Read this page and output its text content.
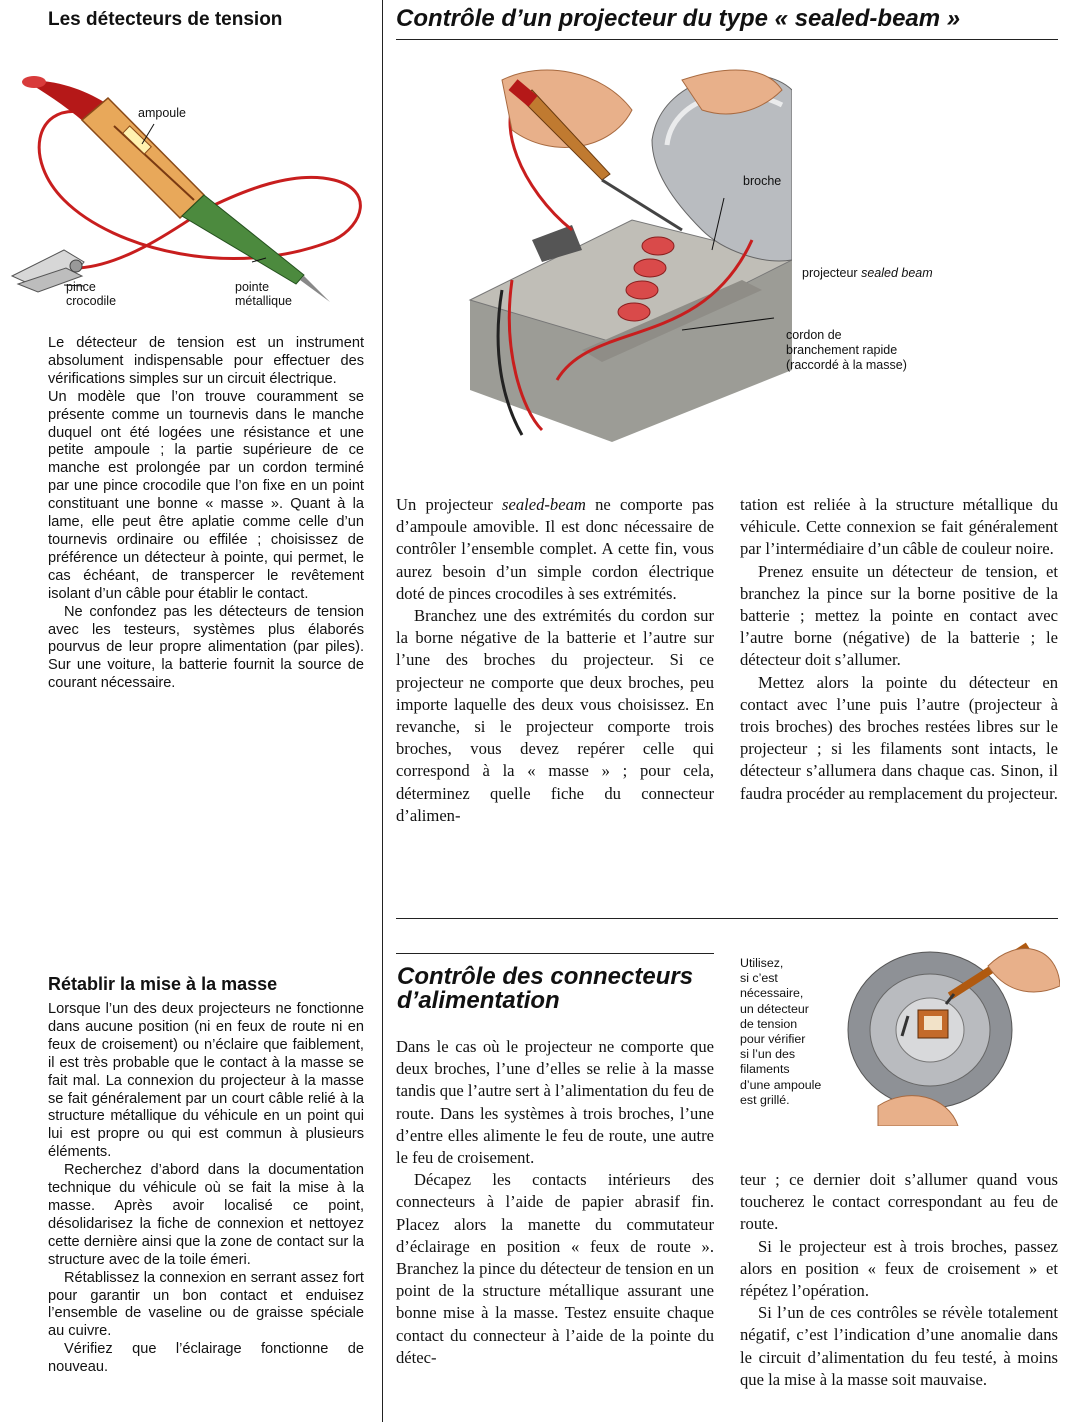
Les détecteurs de tension
ampoule
pince
crocodile
pointe
métallique

Le détecteur de tension est un instrument absolument indispensable pour effectuer des vérifications simples sur un circuit électrique.

Un modèle que l’on trouve couramment se présente comme un tournevis dans le manche duquel ont été logées une résistance et une petite ampoule ; la partie supérieure de ce manche est prolongée par un cordon terminé par une pince crocodile que l’on fixe en un point constituant une bonne « masse ». Quant à la lame, elle peut être aplatie comme celle d’un tournevis ordinaire ou effilée ; choisissez de préférence un détecteur à pointe, qui permet, le cas échéant, de transpercer le revêtement isolant d’un câble pour établir le contact.

Ne confondez pas les détecteurs de tension avec les testeurs, systèmes plus élaborés pourvus de leur propre alimentation (par piles). Sur une voiture, la batterie fournit la source de courant nécessaire.

Rétablir la mise à la masse

Lorsque l’un des deux projecteurs ne fonctionne dans aucune position (ni en feux de route ni en feux de croisement) ou n’éclaire que faiblement, il est très probable que le contact à la masse se fait mal. La connexion du projecteur à la masse se fait généralement par un court câble relié à la structure métallique du véhicule en un point qui lui est propre ou qui est commun à plusieurs éléments.

Recherchez d’abord dans la documentation technique du véhicule où se fait la mise à la masse. Après avoir localisé ce point, désolidarisez la fiche de connexion et nettoyez cette dernière ainsi que la zone de contact sur la structure avec de la toile émeri.

Rétablissez la connexion en serrant assez fort pour garantir un bon contact et enduisez l’ensemble de vaseline ou de graisse spéciale au cuivre.

Vérifiez que l’éclairage fonctionne de nouveau.

Contrôle d’un projecteur du type « sealed-beam »
broche
projecteur sealed beam
cordon de
branchement rapide
(raccordé à la masse)

Un projecteur sealed-beam ne comporte pas d’ampoule amovible. Il est donc nécessaire de contrôler l’ensemble complet. A cette fin, vous aurez besoin d’un simple cordon électrique doté de pinces crocodiles à ses extrémités.

Branchez une des extrémités du cordon sur la borne négative de la batterie et l’autre sur l’une des broches du projecteur. Si ce projecteur ne comporte que deux broches, peu importe laquelle des deux vous choisissez. En revanche, si le projecteur comporte trois broches, vous devez repérer celle qui correspond à la « masse » ; pour cela, déterminez quelle fiche du connecteur d’alimen-

tation est reliée à la structure métallique du véhicule. Cette connexion se fait généralement par l’intermédiaire d’un câble de couleur noire.

Prenez ensuite un détecteur de tension, et branchez la pince sur la borne positive de la batterie ; mettez la pointe en contact avec l’autre borne (négative) de la batterie ; le détecteur doit s’allumer.

Mettez alors la pointe du détecteur en contact avec l’une puis l’autre (projecteur à trois broches) des broches restées libres sur le projecteur ; si les filaments sont intacts, le détecteur s’allumera dans chaque cas. Sinon, il faudra procéder au remplacement du projecteur.

Contrôle des connecteurs
d’alimentation
Utilisez,
si c’est
nécessaire,
un détecteur
de tension
pour vérifier
si l’un des
filaments
d’une ampoule
est grillé.

Dans le cas où le projecteur ne comporte que deux broches, l’une d’elles se relie à la masse tandis que l’autre sert à l’alimentation du feu de route. Dans les systèmes à trois broches, l’une d’entre elles alimente le feu de route, une autre le feu de croisement.

Décapez les contacts intérieurs des connecteurs à l’aide de papier abrasif fin. Placez alors la manette du commutateur d’éclairage en position « feux de route ». Branchez la pince du détecteur de tension en un point de la structure métallique assurant une bonne mise à la masse. Testez ensuite chaque contact du connecteur à l’aide de la pointe du détec-

teur ; ce dernier doit s’allumer quand vous toucherez le contact correspondant au feu de route.

Si le projecteur est à trois broches, passez alors en position « feux de croisement » et répétez l’opération.

Si l’un de ces contrôles se révèle totalement négatif, c’est l’indication d’une anomalie dans le circuit d’alimentation du feu testé, à moins que la mise à la masse soit mauvaise.
